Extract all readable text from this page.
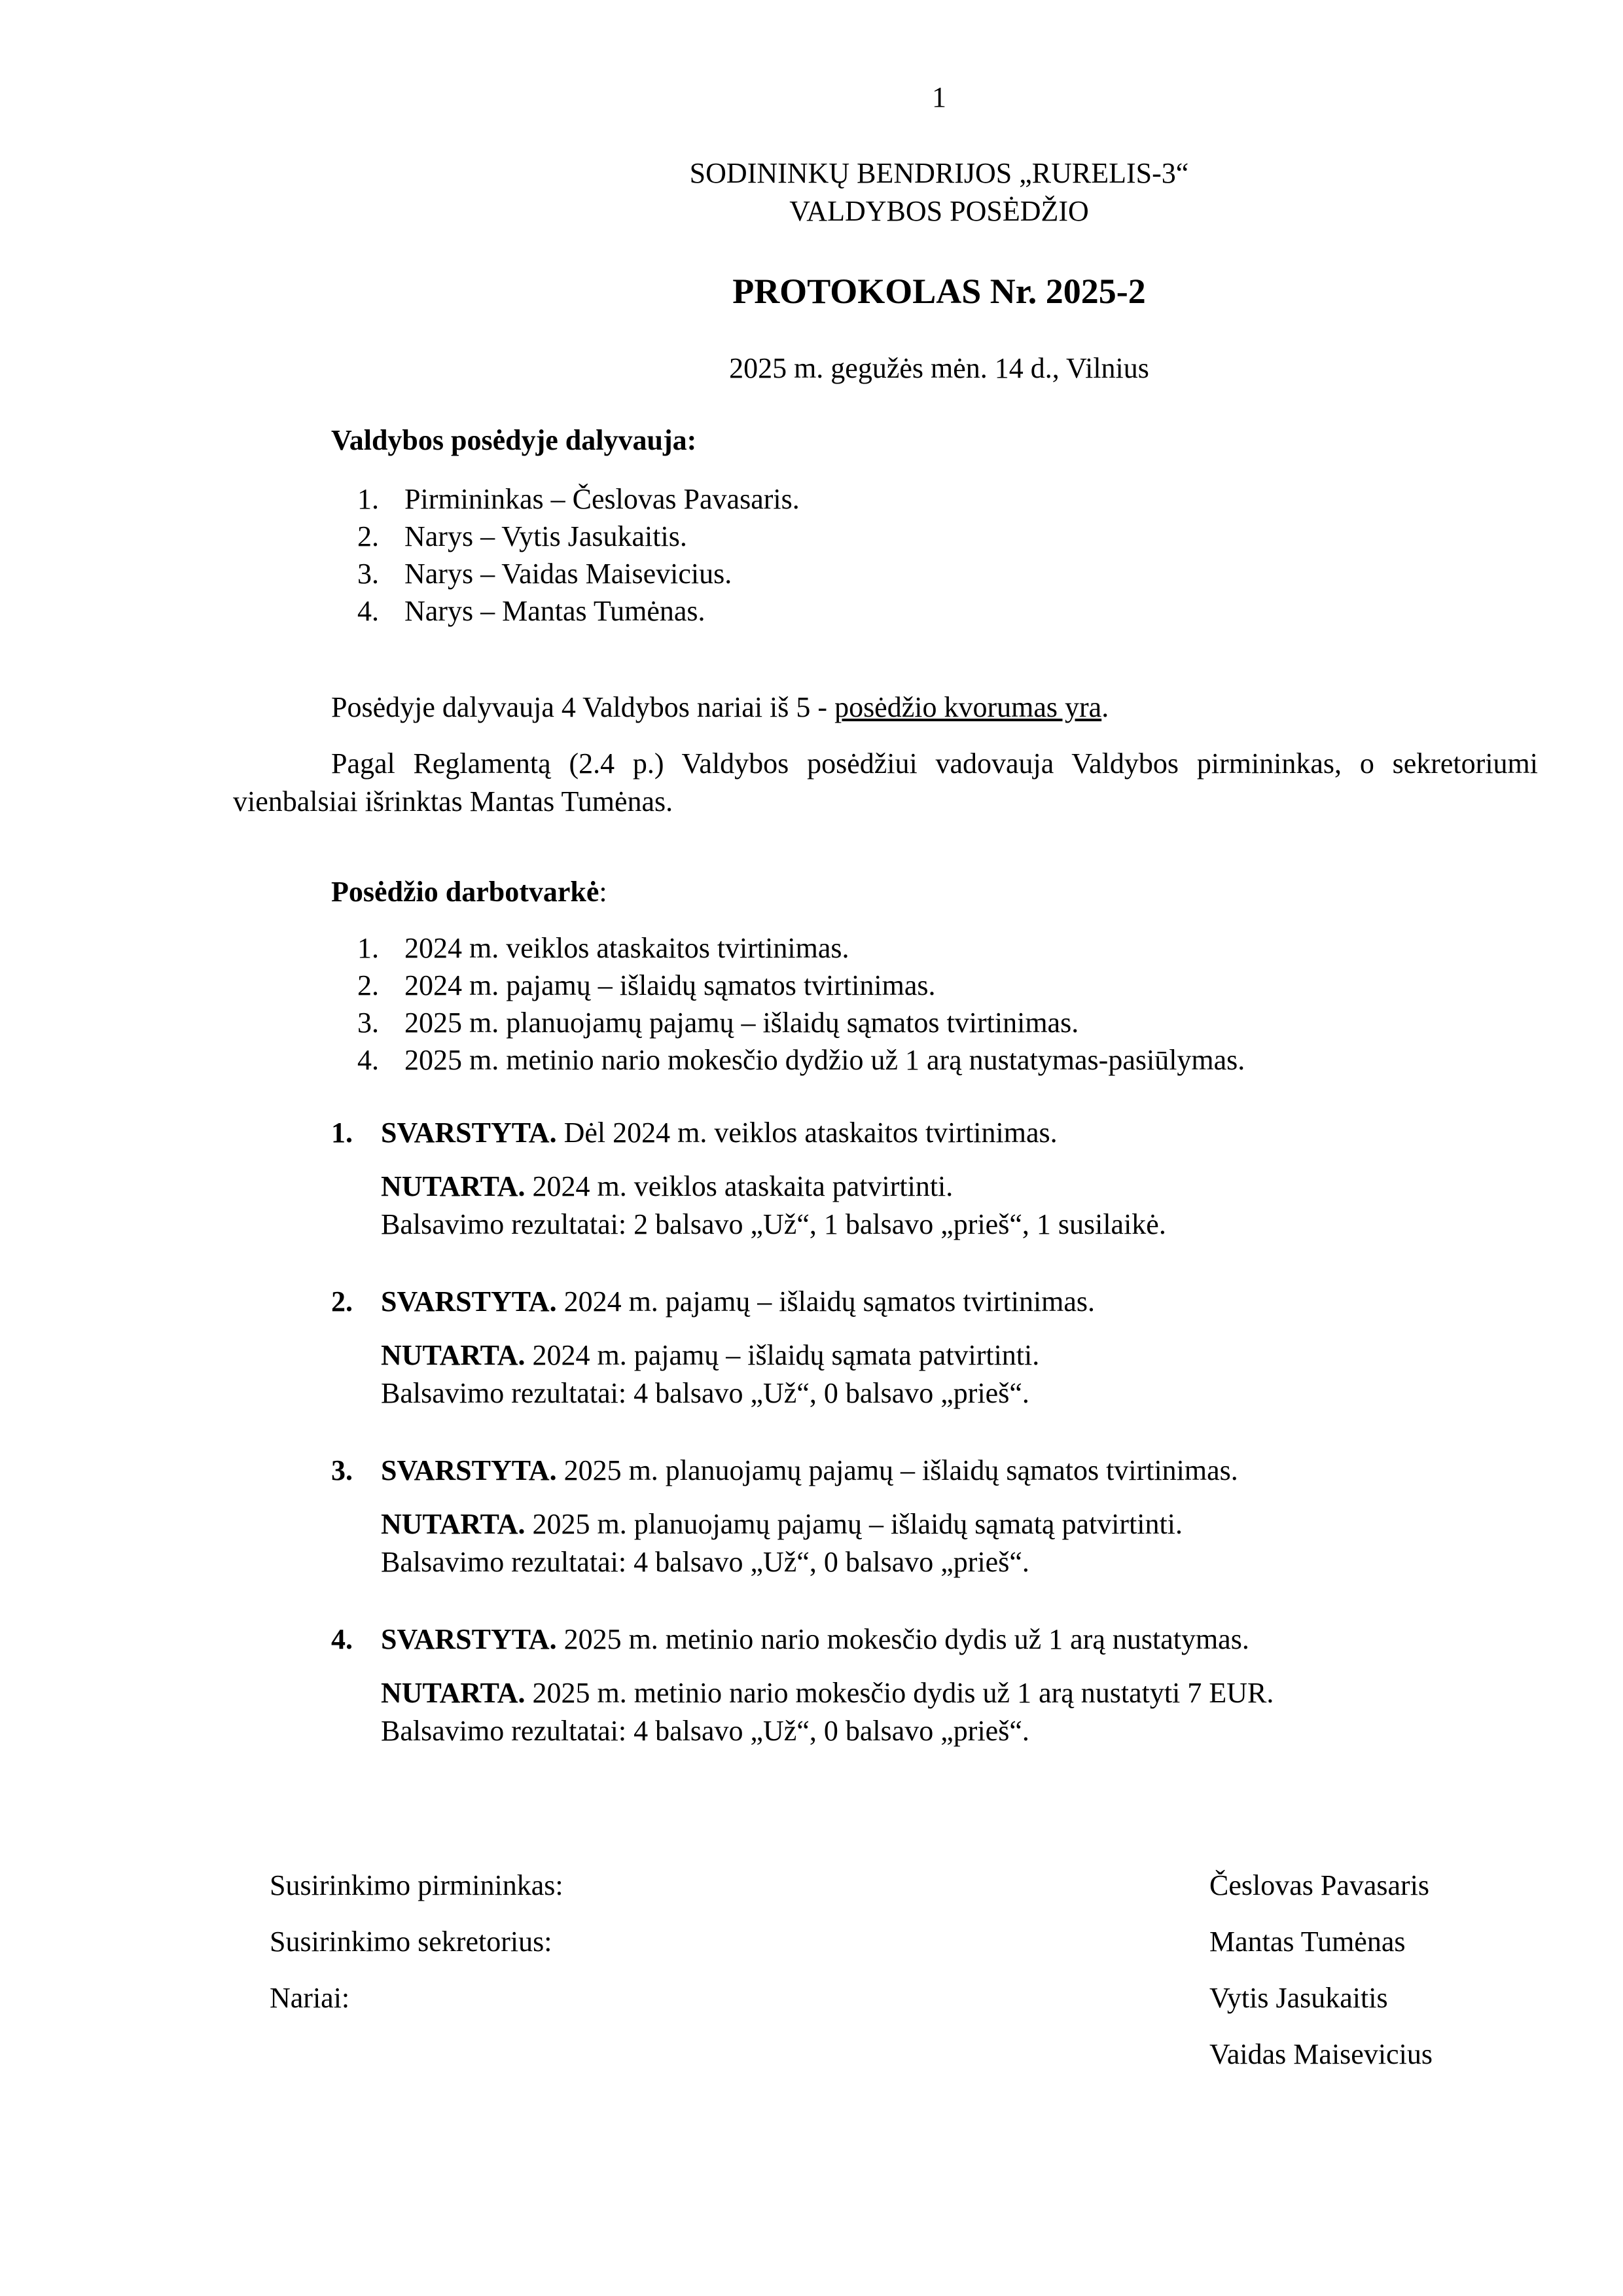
1
SODININKŲ BENDRIJOS „RURELIS-3“
VALDYBOS POSĖDŽIO
PROTOKOLAS Nr. 2025-2
2025 m. gegužės mėn. 14 d., Vilnius
Valdybos posėdyje dalyvauja:
1. Pirmininkas – Česlovas Pavasaris.
2. Narys – Vytis Jasukaitis.
3. Narys – Vaidas Maisevicius.
4. Narys – Mantas Tumėnas.
Posėdyje dalyvauja 4 Valdybos nariai iš 5 - posėdžio kvorumas yra.
Pagal Reglamentą (2.4 p.) Valdybos posėdžiui vadovauja Valdybos pirmininkas, o sekretoriumi vienbalsiai išrinktas Mantas Tumėnas.
Posėdžio darbotvarkė:
1. 2024 m. veiklos ataskaitos tvirtinimas.
2. 2024 m. pajamų – išlaidų sąmatos tvirtinimas.
3. 2025 m. planuojamų pajamų – išlaidų sąmatos tvirtinimas.
4. 2025 m. metinio nario mokesčio dydžio už 1 arą nustatymas-pasiūlymas.
1. SVARSTYTA. Dėl 2024 m. veiklos ataskaitos tvirtinimas.
NUTARTA. 2024 m. veiklos ataskaita patvirtinti.
Balsavimo rezultatai: 2 balsavo „Už“, 1 balsavo „prieš“, 1 susilaikė.
2. SVARSTYTA. 2024 m. pajamų – išlaidų sąmatos tvirtinimas.
NUTARTA. 2024 m. pajamų – išlaidų sąmata patvirtinti.
Balsavimo rezultatai: 4 balsavo „Už“, 0 balsavo „prieš“.
3. SVARSTYTA. 2025 m. planuojamų pajamų – išlaidų sąmatos tvirtinimas.
NUTARTA. 2025 m. planuojamų pajamų – išlaidų sąmatą patvirtinti.
Balsavimo rezultatai: 4 balsavo „Už“, 0 balsavo „prieš“.
4. SVARSTYTA. 2025 m. metinio nario mokesčio dydis už 1 arą nustatymas.
NUTARTA. 2025 m. metinio nario mokesčio dydis už 1 arą nustatyti 7 EUR.
Balsavimo rezultatai: 4 balsavo „Už“, 0 balsavo „prieš“.
Susirinkimo pirmininkas:	Česlovas Pavasaris
Susirinkimo sekretorius:	Mantas Tumėnas
Nariai:	Vytis Jasukaitis
Vaidas Maisevicius
